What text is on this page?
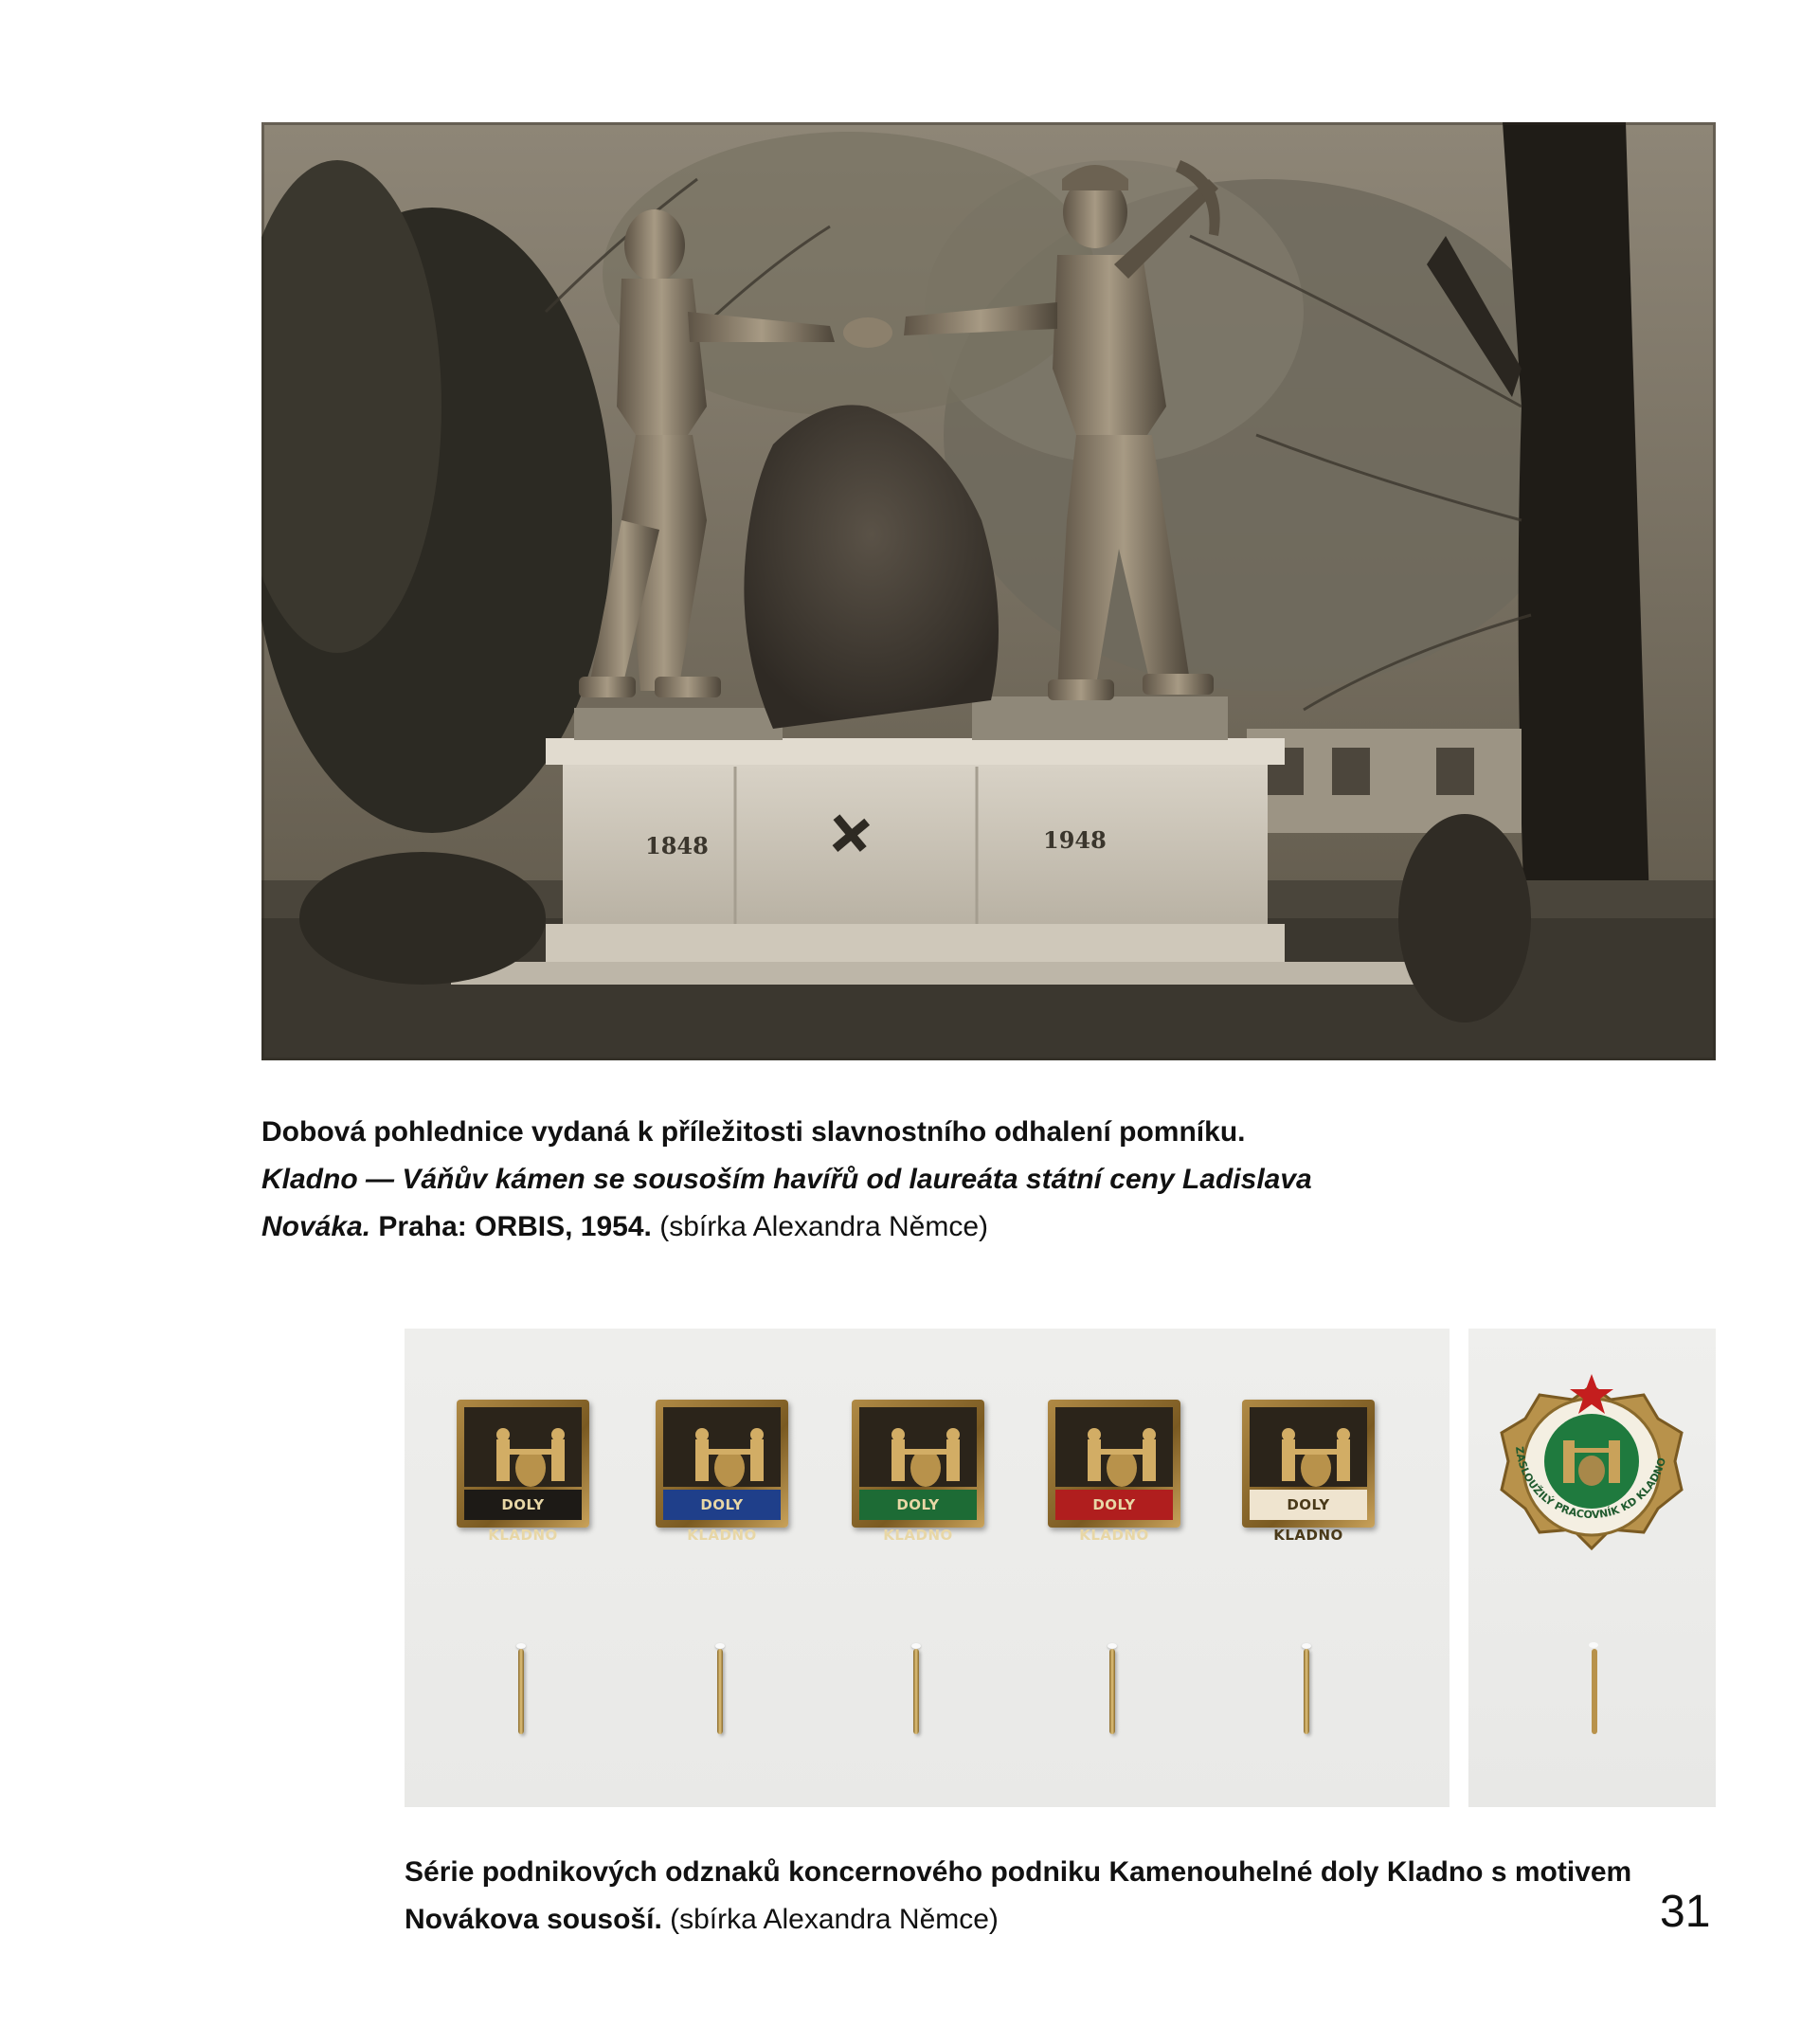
1848	1948

Dobová pohlednice vydaná k příležitosti slavnostního odhalení pomníku.
Kladno — Váňův kámen se sousoším havířů od laureáta státní ceny Ladislava Nováka. Praha: ORBIS, 1954. (sbírka Alexandra Němce)

DOLY KLADNO
DOLY KLADNO
DOLY KLADNO
DOLY KLADNO
DOLY KLADNO
ZASLOUŽILÝ PRACOVNÍK KD KLADNO

Série podnikových odznaků koncernového podniku Kamenouhelné doly Kladno s motivem Novákova sousoší. (sbírka Alexandra Němce)	31
